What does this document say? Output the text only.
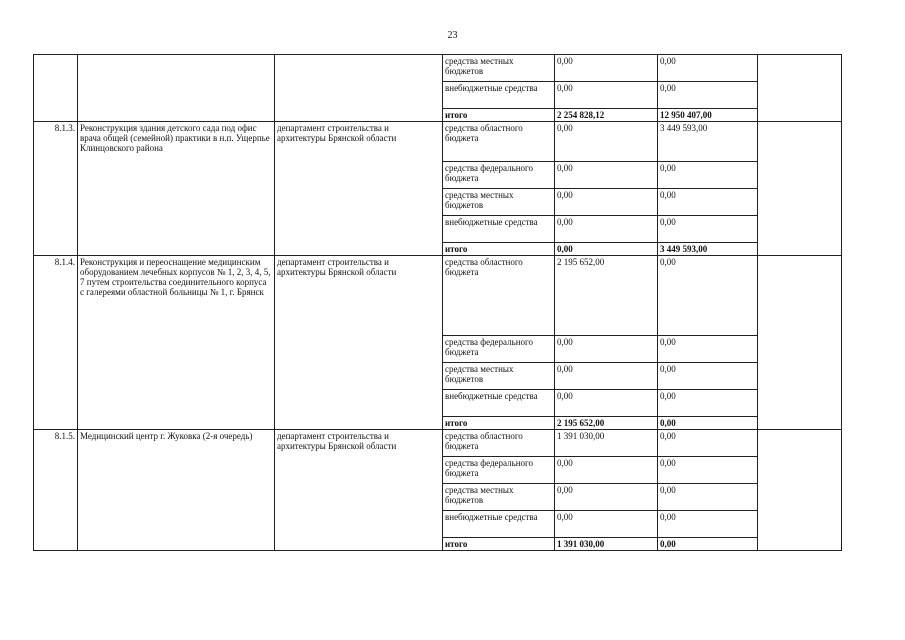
23
			средства местных бюджетов	0,00	0,00	
			внебюджетные средства	0,00	0,00	
			итого	2 254 828,12	12 950 407,00	
8.1.3.	Реконструкция здания детского сада под офис врача общей (семейной) практики в н.п. Ущерпье Клинцовского района	департамент строительства и архитектуры Брянской области	средства областного бюджета	0,00	3 449 593,00	
			средства федерального бюджета	0,00	0,00	
			средства местных бюджетов	0,00	0,00	
			внебюджетные средства	0,00	0,00	
			итого	0,00	3 449 593,00	
8.1.4.	Реконструкция и переоснащение медицинским оборудованием лечебных корпусов № 1, 2, 3, 4, 5, 7 путем строительства соединительного корпуса с галереями областной больницы № 1, г. Брянск	департамент строительства и архитектуры Брянской области	средства областного бюджета	2 195 652,00	0,00	
			средства федерального бюджета	0,00	0,00	
			средства местных бюджетов	0,00	0,00	
			внебюджетные средства	0,00	0,00	
			итого	2 195 652,00	0,00	
8.1.5.	Медицинский центр г. Жуковка (2-я очередь)	департамент строительства и архитектуры Брянской области	средства областного бюджета	1 391 030,00	0,00	
			средства федерального бюджета	0,00	0,00	
			средства местных бюджетов	0,00	0,00	
			внебюджетные средства	0,00	0,00	
			итого	1 391 030,00	0,00	
